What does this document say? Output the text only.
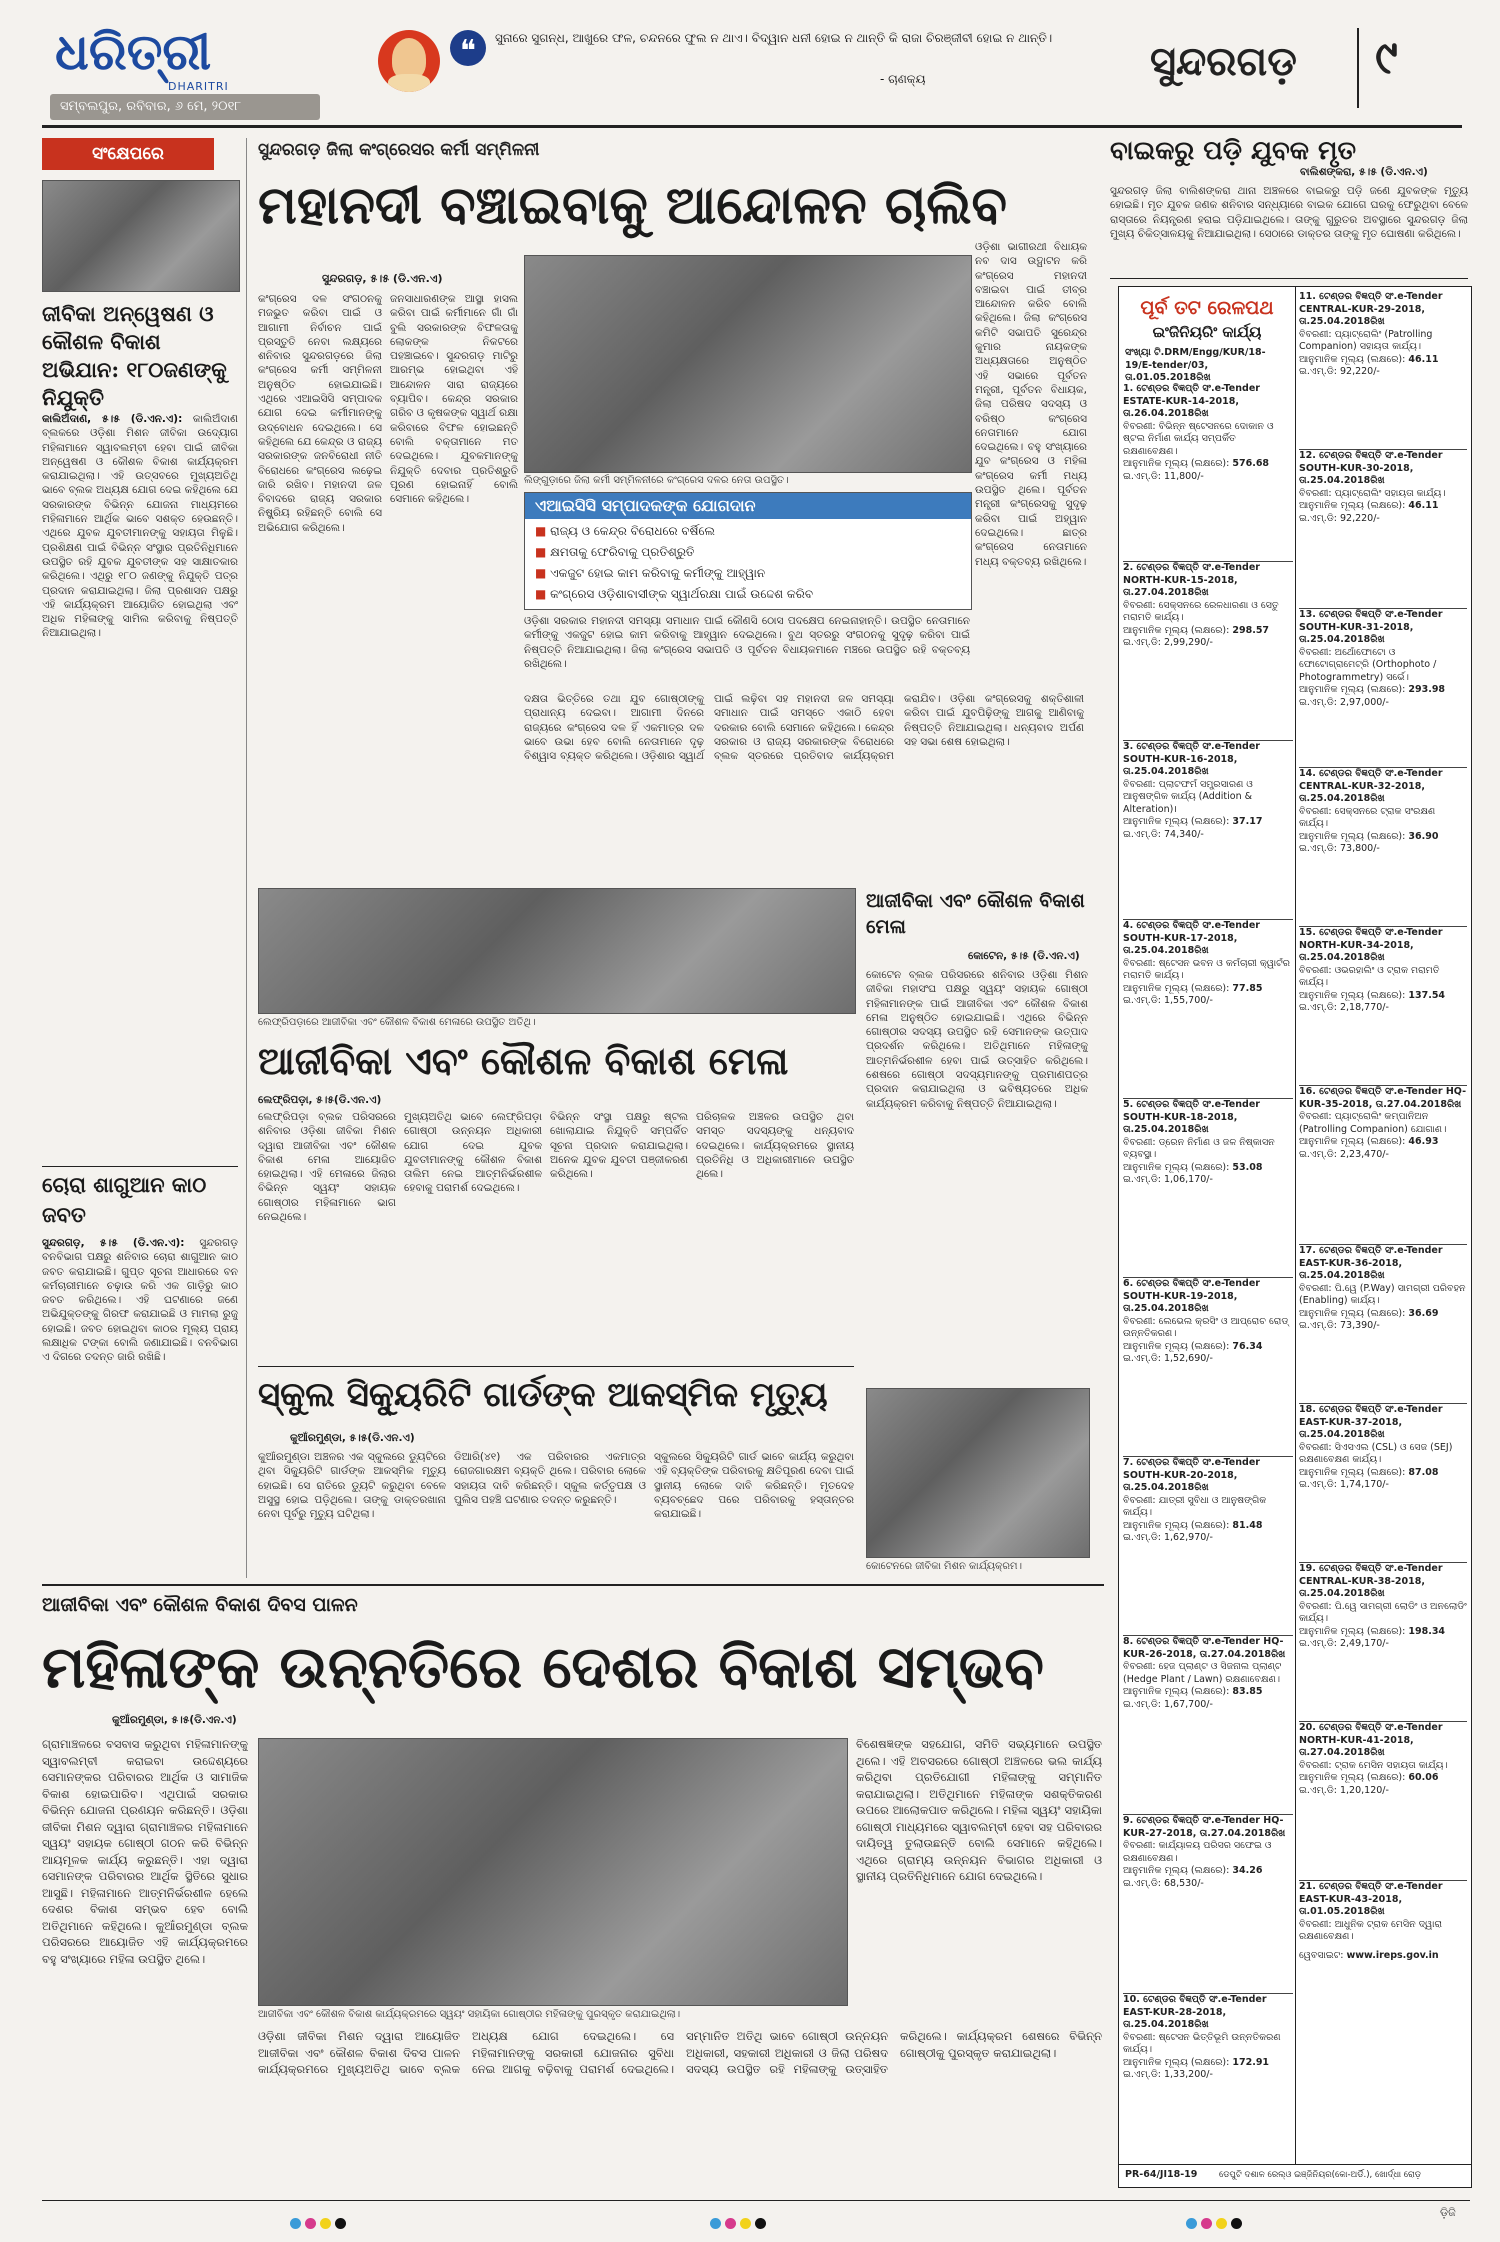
ଧରିତ୍ରୀ
DHARITRI
ସମ୍ବଲପୁର, ରବିବାର, ୬ ମେ, ୨୦୧୮
❝	ସୁନାରେ ସୁଗନ୍ଧ, ଆଖୁରେ ଫଳ, ଚନ୍ଦନରେ ଫୁଲ ନ ଥାଏ। ବିଦ୍ୱାନ ଧନୀ ହୋଇ ନ ଥାନ୍ତି କି ରାଜା ଚିରଞ୍ଜୀବୀ ହୋଇ ନ ଥାନ୍ତି।
- ଚାଣକ୍ୟ	ସୁନ୍ଦରଗଡ଼ ୯
ସଂକ୍ଷେପରେ
ଜୀବିକା ଅନ୍ୱେଷଣ ଓ କୌଶଳ ବିକାଶ ଅଭିଯାନ: ୧୮୦ଜଣଙ୍କୁ ନିଯୁକ୍ତି
କାଲିଅଁଦାଣ, ୫।୫ (ଡି.ଏନ.ଏ): କାଲିଅଁଦାଣ ବ୍ଲକରେ ଓଡ଼ିଶା ମିଶନ ଜୀବିକା ଉଦ୍ୟୋଗ ମହିଳାମାନେ ସ୍ୱାବଲମ୍ବୀ ହେବା ପାଇଁ ଜୀବିକା ଅନ୍ୱେଷଣ ଓ କୌଶଳ ବିକାଶ କାର୍ଯ୍ୟକ୍ରମ କରାଯାଇଥିଲା। ଏହି ଉତ୍ସବରେ ମୁଖ୍ୟଅତିଥି ଭାବେ ବ୍ଲକ ଅଧ୍ୟକ୍ଷ ଯୋଗ ଦେଇ କହିଥିଲେ ଯେ ସରକାରଙ୍କ ବିଭିନ୍ନ ଯୋଜନା ମାଧ୍ୟମରେ ମହିଳାମାନେ ଆର୍ଥିକ ଭାବେ ସଶକ୍ତ ହେଉଛନ୍ତି। ଏଥିରେ ଯୁବକ ଯୁବତୀମାନଙ୍କୁ ସହାୟତା ମିଳୁଛି। ପ୍ରଶିକ୍ଷଣ ପାଇଁ ବିଭିନ୍ନ ସଂସ୍ଥାର ପ୍ରତିନିଧିମାନେ ଉପସ୍ଥିତ ରହି ଯୁବକ ଯୁବତୀଙ୍କ ସହ ସାକ୍ଷାତକାର କରିଥିଲେ। ଏଥିରୁ ୧୮୦ ଜଣଙ୍କୁ ନିଯୁକ୍ତି ପତ୍ର ପ୍ରଦାନ କରାଯାଇଥିଲା। ଜିଲା ପ୍ରଶାସନ ପକ୍ଷରୁ ଏହି କାର୍ଯ୍ୟକ୍ରମ ଆୟୋଜିତ ହୋଇଥିଲା ଏବଂ ଅଧିକ ମହିଳାଙ୍କୁ ସାମିଲ କରିବାକୁ ନିଷ୍ପତ୍ତି ନିଆଯାଇଥିଲା।
ଚୋରା ଶାଗୁଆନ କାଠ ଜବତ
ସୁନ୍ଦରଗଡ଼, ୫।୫ (ଡି.ଏନ.ଏ): ସୁନ୍ଦରଗଡ଼ ବନବିଭାଗ ପକ୍ଷରୁ ଶନିବାର ଚୋରା ଶାଗୁଆନ କାଠ ଜବତ କରାଯାଇଛି। ଗୁପ୍ତ ସୂଚନା ଆଧାରରେ ବନ କର୍ମଚାରୀମାନେ ଚଢ଼ାଉ କରି ଏକ ଗାଡ଼ିରୁ କାଠ ଜବତ କରିଥିଲେ। ଏହି ଘଟଣାରେ ଜଣେ ଅଭିଯୁକ୍ତଙ୍କୁ ଗିରଫ କରାଯାଇଛି ଓ ମାମଲା ରୁଜୁ ହୋଇଛି। ଜବତ ହୋଇଥିବା କାଠର ମୂଲ୍ୟ ପ୍ରାୟ ଲକ୍ଷାଧିକ ଟଙ୍କା ବୋଲି ଜଣାଯାଇଛି। ବନବିଭାଗ ଏ ଦିଗରେ ତଦନ୍ତ ଜାରି ରଖିଛି।
ସୁନ୍ଦରଗଡ଼ ଜିଲା କଂଗ୍ରେସର କର୍ମୀ ସମ୍ମିଳନୀ
ମହାନଦୀ ବଞ୍ଚାଇବାକୁ ଆନ୍ଦୋଳନ ଚାଲିବ
ସୁନ୍ଦରଗଡ଼, ୫।୫ (ଡି.ଏନ.ଏ)
କଂଗ୍ରେସ ଦଳ ସଂଗଠନକୁ ମଜଭୁତ କରିବା ପାଇଁ ଓ ଆଗାମୀ ନିର୍ବାଚନ ପାଇଁ ପ୍ରସ୍ତୁତି ନେବା ଲକ୍ଷ୍ୟରେ ଶନିବାର ସୁନ୍ଦରଗଡ଼ରେ ଜିଲା କଂଗ୍ରେସ କର୍ମୀ ସମ୍ମିଳନୀ ଅନୁଷ୍ଠିତ ହୋଇଯାଇଛି। ଏଥିରେ ଏଆଇସିସି ସମ୍ପାଦକ ଯୋଗ ଦେଇ କର୍ମୀମାନଙ୍କୁ ଉଦ୍ବୋଧନ ଦେଇଥିଲେ। ସେ କହିଥିଲେ ଯେ କେନ୍ଦ୍ର ଓ ରାଜ୍ୟ ସରକାରଙ୍କ ଜନବିରୋଧୀ ନୀତି ବିରୋଧରେ କଂଗ୍ରେସ ଲଢ଼େଇ ଜାରି ରଖିବ। ମହାନଦୀ ଜଳ ବିବାଦରେ ରାଜ୍ୟ ସରକାର ନିଷ୍କ୍ରିୟ ରହିଛନ୍ତି ବୋଲି ସେ ଅଭିଯୋଗ କରିଥିଲେ।
ଜନସାଧାରଣଙ୍କ ଆସ୍ଥା ହାସଲ କରିବା ପାଇଁ କର୍ମୀମାନେ ଗାଁ ଗାଁ ବୁଲି ସରକାରଙ୍କ ବିଫଳତାକୁ ଲୋକଙ୍କ ନିକଟରେ ପହଞ୍ଚାଇବେ। ସୁନ୍ଦରଗଡ଼ ମାଟିରୁ ଆରମ୍ଭ ହୋଇଥିବା ଏହି ଆନ୍ଦୋଳନ ସାରା ରାଜ୍ୟରେ ବ୍ୟାପିବ। କେନ୍ଦ୍ର ସରକାର ଗରିବ ଓ କୃଷକଙ୍କ ସ୍ୱାର୍ଥ ରକ୍ଷା କରିବାରେ ବିଫଳ ହୋଇଛନ୍ତି ବୋଲି ବକ୍ତାମାନେ ମତ ଦେଇଥିଲେ। ଯୁବକମାନଙ୍କୁ ନିଯୁକ୍ତି ଦେବାର ପ୍ରତିଶ୍ରୁତି ପୂରଣ ହୋଇନାହିଁ ବୋଲି ସେମାନେ କହିଥିଲେ।
ଲିଙ୍ଗୁଡ଼ାରେ ଜିଲା କର୍ମୀ ସମ୍ମିଳନୀରେ କଂଗ୍ରେସ ଦଳର ନେତା ଉପସ୍ଥିତ।
ଏଆଇସିସି ସମ୍ପାଦକଙ୍କ ଯୋଗଦାନ
■ ରାଜ୍ୟ ଓ କେନ୍ଦ୍ର ବିରୋଧରେ ବର୍ଷିଲେ
■ କ୍ଷମତାକୁ ଫେରିବାକୁ ପ୍ରତିଶ୍ରୁତି
■ ଏକଜୁଟ ହୋଇ କାମ କରିବାକୁ କର୍ମୀଙ୍କୁ ଆହ୍ୱାନ
■ କଂଗ୍ରେସ ଓଡ଼ିଶାବାସୀଙ୍କ ସ୍ୱାର୍ଥରକ୍ଷା ପାଇଁ ଉଦ୍ଦେଶ କରିବ
ଓଡ଼ିଶା ଭାଗୀରଥୀ ବିଧାୟକ ନବ ଦାସ ଉଦ୍ଘାଟନ କରି କଂଗ୍ରେସ ମହାନଦୀ ବଞ୍ଚାଇବା ପାଇଁ ତୀବ୍ର ଆନ୍ଦୋଳନ କରିବ ବୋଲି କହିଥିଲେ। ଜିଲା କଂଗ୍ରେସ କମିଟି ସଭାପତି ସୁରେନ୍ଦ୍ର କୁମାର ନାୟକଙ୍କ ଅଧ୍ୟକ୍ଷତାରେ ଅନୁଷ୍ଠିତ ଏହି ସଭାରେ ପୂର୍ବତନ ମନ୍ତ୍ରୀ, ପୂର୍ବତନ ବିଧାୟକ, ଜିଲା ପରିଷଦ ସଦସ୍ୟ ଓ ବରିଷ୍ଠ କଂଗ୍ରେସ ନେତାମାନେ ଯୋଗ ଦେଇଥିଲେ। ବହୁ ସଂଖ୍ୟାରେ ଯୁବ କଂଗ୍ରେସ ଓ ମହିଳା କଂଗ୍ରେସ କର୍ମୀ ମଧ୍ୟ ଉପସ୍ଥିତ ଥିଲେ। ପୂର୍ବତନ ମନ୍ତ୍ରୀ କଂଗ୍ରେସକୁ ସୁଦୃଢ଼ କରିବା ପାଇଁ ଅହ୍ୱାନ ଦେଇଥିଲେ। ଛାତ୍ର କଂଗ୍ରେସ ନେତାମାନେ ମଧ୍ୟ ବକ୍ତବ୍ୟ ରଖିଥିଲେ।
ଓଡ଼ିଶା ସରକାର ମହାନଦୀ ସମସ୍ୟା ସମାଧାନ ପାଇଁ କୌଣସି ଠୋସ ପଦକ୍ଷେପ ନେଇନାହାନ୍ତି। ଉପସ୍ଥିତ ନେତାମାନେ କର୍ମୀଙ୍କୁ ଏକଜୁଟ ହୋଇ କାମ କରିବାକୁ ଆହ୍ୱାନ ଦେଇଥିଲେ। ବୁଥ ସ୍ତରରୁ ସଂଗଠନକୁ ସୁଦୃଢ଼ କରିବା ପାଇଁ ନିଷ୍ପତ୍ତି ନିଆଯାଇଥିଲା। ଜିଲା କଂଗ୍ରେସ ସଭାପତି ଓ ପୂର୍ବତନ ବିଧାୟକମାନେ ମଞ୍ଚରେ ଉପସ୍ଥିତ ରହି ବକ୍ତବ୍ୟ ରଖିଥିଲେ।
ଦକ୍ଷତା ଭିତ୍ତିରେ ତଥା ଯୁବ ଗୋଷ୍ଠୀଙ୍କୁ ପ୍ରାଧାନ୍ୟ ଦେଇବା। ଆଗାମୀ ଦିନରେ ରାଜ୍ୟରେ କଂଗ୍ରେସ ଦଳ ହିଁ ଏକମାତ୍ର ଦଳ ଭାବେ ଉଭା ହେବ ବୋଲି ନେତାମାନେ ଦୃଢ଼ ବିଶ୍ୱାସ ବ୍ୟକ୍ତ କରିଥିଲେ। ଓଡ଼ିଶାର ସ୍ୱାର୍ଥ ପାଇଁ ଲଢ଼ିବା ସହ ମହାନଦୀ ଜଳ ସମସ୍ୟା ସମାଧାନ ପାଇଁ ସମସ୍ତେ ଏକାଠି ହେବା ଦରକାର ବୋଲି ସେମାନେ କହିଥିଲେ। କେନ୍ଦ୍ର ସରକାର ଓ ରାଜ୍ୟ ସରକାରଙ୍କ ବିରୋଧରେ ବ୍ଲକ ସ୍ତରରେ ପ୍ରତିବାଦ କାର୍ଯ୍ୟକ୍ରମ କରାଯିବ। ଓଡ଼ିଶା କଂଗ୍ରେସକୁ ଶକ୍ତିଶାଳୀ କରିବା ପାଇଁ ଯୁବପିଢ଼ିଙ୍କୁ ଆଗକୁ ଆଣିବାକୁ ନିଷ୍ପତ୍ତି ନିଆଯାଇଥିଲା। ଧନ୍ୟବାଦ ଅର୍ପଣ ସହ ସଭା ଶେଷ ହୋଇଥିଲା।
ବାଇକରୁ ପଡ଼ି ଯୁବକ ମୃତ
ବାଲିଶଙ୍କରା, ୫।୫ (ଡି.ଏନ.ଏ)
ସୁନ୍ଦରଗଡ଼ ଜିଲା ବାଲିଶଙ୍କରା ଥାନା ଅଞ୍ଚଳରେ ବାଇକରୁ ପଡ଼ି ଜଣେ ଯୁବକଙ୍କ ମୃତ୍ୟୁ ହୋଇଛି। ମୃତ ଯୁବକ ଜଣକ ଶନିବାର ସନ୍ଧ୍ୟାରେ ବାଇକ ଯୋଗେ ଘରକୁ ଫେରୁଥିବା ବେଳେ ରାସ୍ତାରେ ନିୟନ୍ତ୍ରଣ ହରାଇ ପଡ଼ିଯାଇଥିଲେ। ତାଙ୍କୁ ଗୁରୁତର ଅବସ୍ଥାରେ ସୁନ୍ଦରଗଡ଼ ଜିଲା ମୁଖ୍ୟ ଚିକିତ୍ସାଳୟକୁ ନିଆଯାଇଥିଲା। ସେଠାରେ ଡାକ୍ତର ତାଙ୍କୁ ମୃତ ଘୋଷଣା କରିଥିଲେ।
ପୂର୍ବ ତଟ ରେଳପଥ
ଇଂଜିନିୟରିଂ କାର୍ଯ୍ୟ
ସଂଖ୍ୟା ଟି.DRM/Engg/KUR/18-19/E-tender/03, ତା.01.05.2018ରିଖ
1. ଟେଣ୍ଡର ବିଜ୍ଞପ୍ତି ସଂ.e-Tender ESTATE-KUR-14-2018, ତା.26.04.2018ରିଖ
ବିବରଣୀ: ବିଭିନ୍ନ ଷ୍ଟେସନରେ ଦୋକାନ ଓ ଷ୍ଟଲ ନିର୍ମାଣ କାର୍ଯ୍ୟ ସମ୍ପର୍କିତ ରକ୍ଷଣାବେକ୍ଷଣ।
ଆନୁମାନିକ ମୂଲ୍ୟ (ଲକ୍ଷରେ): 576.68
ଇ.ଏମ୍.ଡି: 11,800/-
2. ଟେଣ୍ଡର ବିଜ୍ଞପ୍ତି ସଂ.e-Tender NORTH-KUR-15-2018, ତା.27.04.2018ରିଖ
ବିବରଣୀ: ସେକ୍ସନରେ ରେଳଧାରଣା ଓ ସେତୁ ମରାମତି କାର୍ଯ୍ୟ।
ଆନୁମାନିକ ମୂଲ୍ୟ (ଲକ୍ଷରେ): 298.57
ଇ.ଏମ୍.ଡି: 2,99,290/-
3. ଟେଣ୍ଡର ବିଜ୍ଞପ୍ତି ସଂ.e-Tender SOUTH-KUR-16-2018, ତା.25.04.2018ରିଖ
ବିବରଣୀ: ପ୍ଲାଟଫର୍ମ ସମ୍ପ୍ରସାରଣ ଓ ଆନୁଷଙ୍ଗିକ କାର୍ଯ୍ୟ (Addition & Alteration)।
ଆନୁମାନିକ ମୂଲ୍ୟ (ଲକ୍ଷରେ): 37.17
ଇ.ଏମ୍.ଡି: 74,340/-
4. ଟେଣ୍ଡର ବିଜ୍ଞପ୍ତି ସଂ.e-Tender SOUTH-KUR-17-2018, ତା.25.04.2018ରିଖ
ବିବରଣୀ: ଷ୍ଟେସନ ଭବନ ଓ କର୍ମଚାରୀ କ୍ୱାର୍ଟର ମରାମତି କାର୍ଯ୍ୟ।
ଆନୁମାନିକ ମୂଲ୍ୟ (ଲକ୍ଷରେ): 77.85
ଇ.ଏମ୍.ଡି: 1,55,700/-
5. ଟେଣ୍ଡର ବିଜ୍ଞପ୍ତି ସଂ.e-Tender SOUTH-KUR-18-2018, ତା.25.04.2018ରିଖ
ବିବରଣୀ: ଡ୍ରେନ ନିର୍ମାଣ ଓ ଜଳ ନିଷ୍କାସନ ବ୍ୟବସ୍ଥା।
ଆନୁମାନିକ ମୂଲ୍ୟ (ଲକ୍ଷରେ): 53.08
ଇ.ଏମ୍.ଡି: 1,06,170/-
6. ଟେଣ୍ଡର ବିଜ୍ଞପ୍ତି ସଂ.e-Tender SOUTH-KUR-19-2018, ତା.25.04.2018ରିଖ
ବିବରଣୀ: ଲେଭେଲ କ୍ରସିଂ ଓ ଆପ୍ରୋଚ ରୋଡ୍ ଉନ୍ନତିକରଣ।
ଆନୁମାନିକ ମୂଲ୍ୟ (ଲକ୍ଷରେ): 76.34
ଇ.ଏମ୍.ଡି: 1,52,690/-
7. ଟେଣ୍ଡର ବିଜ୍ଞପ୍ତି ସଂ.e-Tender SOUTH-KUR-20-2018, ତା.25.04.2018ରିଖ
ବିବରଣୀ: ଯାତ୍ରୀ ସୁବିଧା ଓ ଆନୁଷଙ୍ଗିକ କାର୍ଯ୍ୟ।
ଆନୁମାନିକ ମୂଲ୍ୟ (ଲକ୍ଷରେ): 81.48
ଇ.ଏମ୍.ଡି: 1,62,970/-
8. ଟେଣ୍ଡର ବିଜ୍ଞପ୍ତି ସଂ.e-Tender HQ-KUR-26-2018, ତା.27.04.2018ରିଖ
ବିବରଣୀ: ହେଜ ପ୍ଲାଣ୍ଟ ଓ ସିଜନାଲ ପ୍ଲାଣ୍ଟ (Hedge Plant / Lawn) ରକ୍ଷଣାବେକ୍ଷଣ।
ଆନୁମାନିକ ମୂଲ୍ୟ (ଲକ୍ଷରେ): 83.85
ଇ.ଏମ୍.ଡି: 1,67,700/-
9. ଟେଣ୍ଡର ବିଜ୍ଞପ୍ତି ସଂ.e-Tender HQ-KUR-27-2018, ତା.27.04.2018ରିଖ
ବିବରଣୀ: କାର୍ଯ୍ୟାଳୟ ପରିସର ସଫେଇ ଓ ରକ୍ଷଣାବେକ୍ଷଣ।
ଆନୁମାନିକ ମୂଲ୍ୟ (ଲକ୍ଷରେ): 34.26
ଇ.ଏମ୍.ଡି: 68,530/-
10. ଟେଣ୍ଡର ବିଜ୍ଞପ୍ତି ସଂ.e-Tender EAST-KUR-28-2018, ତା.25.04.2018ରିଖ
ବିବରଣୀ: ଷ୍ଟେସନ ଭିତ୍ତିଭୂମି ଉନ୍ନତିକରଣ କାର୍ଯ୍ୟ।
ଆନୁମାନିକ ମୂଲ୍ୟ (ଲକ୍ଷରେ): 172.91
ଇ.ଏମ୍.ଡି: 1,33,200/-
11. ଟେଣ୍ଡର ବିଜ୍ଞପ୍ତି ସଂ.e-Tender CENTRAL-KUR-29-2018, ତା.25.04.2018ରିଖ
ବିବରଣୀ: ପ୍ୟାଟ୍ରୋଲିଂ (Patrolling Companion) ସହାୟତା କାର୍ଯ୍ୟ।
ଆନୁମାନିକ ମୂଲ୍ୟ (ଲକ୍ଷରେ): 46.11
ଇ.ଏମ୍.ଡି: 92,220/-
12. ଟେଣ୍ଡର ବିଜ୍ଞପ୍ତି ସଂ.e-Tender SOUTH-KUR-30-2018, ତା.25.04.2018ରିଖ
ବିବରଣୀ: ପ୍ୟାଟ୍ରୋଲିଂ ସହାୟତା କାର୍ଯ୍ୟ।
ଆନୁମାନିକ ମୂଲ୍ୟ (ଲକ୍ଷରେ): 46.11
ଇ.ଏମ୍.ଡି: 92,220/-
13. ଟେଣ୍ଡର ବିଜ୍ଞପ୍ତି ସଂ.e-Tender SOUTH-KUR-31-2018, ତା.25.04.2018ରିଖ
ବିବରଣୀ: ଅର୍ଥୋଫୋଟୋ ଓ ଫୋଟୋଗ୍ରାମେଟ୍ରି (Orthophoto / Photogrammetry) ସର୍ଭେ।
ଆନୁମାନିକ ମୂଲ୍ୟ (ଲକ୍ଷରେ): 293.98
ଇ.ଏମ୍.ଡି: 2,97,000/-
14. ଟେଣ୍ଡର ବିଜ୍ଞପ୍ତି ସଂ.e-Tender CENTRAL-KUR-32-2018, ତା.25.04.2018ରିଖ
ବିବରଣୀ: ସେକ୍ସନରେ ଟ୍ରାକ ସଂରକ୍ଷଣ କାର୍ଯ୍ୟ।
ଆନୁମାନିକ ମୂଲ୍ୟ (ଲକ୍ଷରେ): 36.90
ଇ.ଏମ୍.ଡି: 73,800/-
15. ଟେଣ୍ଡର ବିଜ୍ଞପ୍ତି ସଂ.e-Tender NORTH-KUR-34-2018, ତା.25.04.2018ରିଖ
ବିବରଣୀ: ଓଭରହାଲିଂ ଓ ଟ୍ରାକ ମରାମତି କାର୍ଯ୍ୟ।
ଆନୁମାନିକ ମୂଲ୍ୟ (ଲକ୍ଷରେ): 137.54
ଇ.ଏମ୍.ଡି: 2,18,770/-
16. ଟେଣ୍ଡର ବିଜ୍ଞପ୍ତି ସଂ.e-Tender HQ-KUR-35-2018, ତା.27.04.2018ରିଖ
ବିବରଣୀ: ପ୍ୟାଟ୍ରୋଲିଂ କମ୍ପାନିଅନ (Patrolling Companion) ଯୋଗାଣ।
ଆନୁମାନିକ ମୂଲ୍ୟ (ଲକ୍ଷରେ): 46.93
ଇ.ଏମ୍.ଡି: 2,23,470/-
17. ଟେଣ୍ଡର ବିଜ୍ଞପ୍ତି ସଂ.e-Tender EAST-KUR-36-2018, ତା.25.04.2018ରିଖ
ବିବରଣୀ: ପି.ୱେ (P.Way) ସାମଗ୍ରୀ ପରିବହନ (Enabling) କାର୍ଯ୍ୟ।
ଆନୁମାନିକ ମୂଲ୍ୟ (ଲକ୍ଷରେ): 36.69
ଇ.ଏମ୍.ଡି: 73,390/-
18. ଟେଣ୍ଡର ବିଜ୍ଞପ୍ତି ସଂ.e-Tender EAST-KUR-37-2018, ତା.25.04.2018ରିଖ
ବିବରଣୀ: ସିଏସଏଲ (CSL) ଓ ସେଜ (SEJ) ରକ୍ଷଣାବେକ୍ଷଣ କାର୍ଯ୍ୟ।
ଆନୁମାନିକ ମୂଲ୍ୟ (ଲକ୍ଷରେ): 87.08
ଇ.ଏମ୍.ଡି: 1,74,170/-
19. ଟେଣ୍ଡର ବିଜ୍ଞପ୍ତି ସଂ.e-Tender CENTRAL-KUR-38-2018, ତା.25.04.2018ରିଖ
ବିବରଣୀ: ପି.ୱେ ସାମଗ୍ରୀ ଲୋଡିଂ ଓ ଅନଲୋଡିଂ କାର୍ଯ୍ୟ।
ଆନୁମାନିକ ମୂଲ୍ୟ (ଲକ୍ଷରେ): 198.34
ଇ.ଏମ୍.ଡି: 2,49,170/-
20. ଟେଣ୍ଡର ବିଜ୍ଞପ୍ତି ସଂ.e-Tender NORTH-KUR-41-2018, ତା.27.04.2018ରିଖ
ବିବରଣୀ: ଟ୍ରାକ ମେସିନ ସହାୟତା କାର୍ଯ୍ୟ।
ଆନୁମାନିକ ମୂଲ୍ୟ (ଲକ୍ଷରେ): 60.06
ଇ.ଏମ୍.ଡି: 1,20,120/-
21. ଟେଣ୍ଡର ବିଜ୍ଞପ୍ତି ସଂ.e-Tender EAST-KUR-43-2018, ତା.01.05.2018ରିଖ
ବିବରଣୀ: ଆଧୁନିକ ଟ୍ରାକ ମେସିନ ଦ୍ୱାରା ରକ୍ଷଣାବେକ୍ଷଣ।
ୱେବସାଇଟ: www.ireps.gov.in
PR-64/JI18-19	ଡେପୁଟି ଦଶାଳ ରେଲ୍ଓ ଇଞ୍ଜିନିୟର(କୋ-ଅର୍ଡି.), ଖୋର୍ଦ୍ଧା ରୋଡ଼
ଲେଫ୍ରିପଡ଼ାରେ ଆଜୀବିକା ଏବଂ କୌଶଳ ବିକାଶ ମେଳାରେ ଉପସ୍ଥିତ ଅତିଥି।
ଆଜୀବିକା ଏବଂ କୌଶଳ ବିକାଶ ମେଳା
ଲେଫ୍ରିପଡ଼ା, ୫।୫(ଡି.ଏନ.ଏ)
ଲେଫ୍ରିପଡ଼ା ବ୍ଲକ ପରିସରରେ ଶନିବାର ଓଡ଼ିଶା ଜୀବିକା ମିଶନ ଦ୍ୱାରା ଆଜୀବିକା ଏବଂ କୌଶଳ ବିକାଶ ମେଳା ଆୟୋଜିତ ହୋଇଥିଲା। ଏହି ମେଳାରେ ଜିଲାର ବିଭିନ୍ନ ସ୍ୱୟଂ ସହାୟକ ଗୋଷ୍ଠୀର ମହିଳାମାନେ ଭାଗ ନେଇଥିଲେ।
ମୁଖ୍ୟଅତିଥି ଭାବେ ଲେଫ୍ରିପଡ଼ା ଗୋଷ୍ଠୀ ଉନ୍ନୟନ ଅଧିକାରୀ ଯୋଗ ଦେଇ ଯୁବକ ଯୁବତୀମାନଙ୍କୁ କୌଶଳ ବିକାଶ ତାଲିମ ନେଇ ଆତ୍ମନିର୍ଭରଶୀଳ ହେବାକୁ ପରାମର୍ଶ ଦେଇଥିଲେ।
ବିଭିନ୍ନ ସଂସ୍ଥା ପକ୍ଷରୁ ଷ୍ଟଲ ଖୋଲାଯାଇ ନିଯୁକ୍ତି ସମ୍ପର୍କିତ ସୂଚନା ପ୍ରଦାନ କରାଯାଇଥିଲା। ଅନେକ ଯୁବକ ଯୁବତୀ ପଞ୍ଜୀକରଣ କରିଥିଲେ।
ପରିଚାଳକ ଅଞ୍ଚଳର ଉପସ୍ଥିତ ଥିବା ସମସ୍ତ ସଦସ୍ୟଙ୍କୁ ଧନ୍ୟବାଦ ଦେଇଥିଲେ। କାର୍ଯ୍ୟକ୍ରମରେ ସ୍ଥାନୀୟ ପ୍ରତିନିଧି ଓ ଅଧିକାରୀମାନେ ଉପସ୍ଥିତ ଥିଲେ।
ଆଜୀବିକା ଏବଂ କୌଶଳ ବିକାଶ ମେଳା
କୋଟେନ, ୫।୫ (ଡି.ଏନ.ଏ)
କୋଟେନ ବ୍ଲକ ପରିସରରେ ଶନିବାର ଓଡ଼ିଶା ମିଶନ ଜୀବିକା ମହାସଂଘ ପକ୍ଷରୁ ସ୍ୱୟଂ ସହାୟକ ଗୋଷ୍ଠୀ ମହିଳାମାନଙ୍କ ପାଇଁ ଆଜୀବିକା ଏବଂ କୌଶଳ ବିକାଶ ମେଳା ଅନୁଷ୍ଠିତ ହୋଇଯାଇଛି। ଏଥିରେ ବିଭିନ୍ନ ଗୋଷ୍ଠୀର ସଦସ୍ୟ ଉପସ୍ଥିତ ରହି ସେମାନଙ୍କ ଉତ୍ପାଦ ପ୍ରଦର୍ଶନ କରିଥିଲେ। ଅତିଥିମାନେ ମହିଳାଙ୍କୁ ଆତ୍ମନିର୍ଭରଶୀଳ ହେବା ପାଇଁ ଉତ୍ସାହିତ କରିଥିଲେ। ଶେଷରେ ଗୋଷ୍ଠୀ ସଦସ୍ୟମାନଙ୍କୁ ପ୍ରମାଣପତ୍ର ପ୍ରଦାନ କରାଯାଇଥିଲା ଓ ଭବିଷ୍ୟତରେ ଅଧିକ କାର୍ଯ୍ୟକ୍ରମ କରିବାକୁ ନିଷ୍ପତ୍ତି ନିଆଯାଇଥିଲା।
ସ୍କୁଲ ସିକ୍ୟୁରିଟି ଗାର୍ଡଙ୍କ ଆକସ୍ମିକ ମୃତ୍ୟୁ
କୁଆଁରମୁଣ୍ଡା, ୫।୫(ଡି.ଏନ.ଏ)
କୁଆଁରମୁଣ୍ଡା ଅଞ୍ଚଳର ଏକ ସ୍କୁଲରେ ଡ୍ୟୁଟିରେ ଥିବା ସିକ୍ୟୁରିଟି ଗାର୍ଡଙ୍କ ଆକସ୍ମିକ ମୃତ୍ୟୁ ହୋଇଛି। ସେ ରାତିରେ ଡ୍ୟୁଟି କରୁଥିବା ବେଳେ ଅସୁସ୍ଥ ହୋଇ ପଡ଼ିଥିଲେ। ତାଙ୍କୁ ଡାକ୍ତରଖାନା ନେବା ପୂର୍ବରୁ ମୃତ୍ୟୁ ଘଟିଥିଲା।
ଡିଆରି(୪୧) ଏକ ପରିବାରର ଏକମାତ୍ର ରୋଜଗାରକ୍ଷମ ବ୍ୟକ୍ତି ଥିଲେ। ପରିବାର ଲୋକେ ସହାୟତା ଦାବି କରିଛନ୍ତି। ସ୍କୁଲ କର୍ତ୍ତୃପକ୍ଷ ଓ ପୁଲିସ ପହଞ୍ଚି ଘଟଣାର ତଦନ୍ତ କରୁଛନ୍ତି।
ସ୍କୁଲରେ ସିକ୍ୟୁରିଟି ଗାର୍ଡ ଭାବେ କାର୍ଯ୍ୟ କରୁଥିବା ଏହି ବ୍ୟକ୍ତିଙ୍କ ପରିବାରକୁ କ୍ଷତିପୂରଣ ଦେବା ପାଇଁ ସ୍ଥାନୀୟ ଲୋକେ ଦାବି କରିଛନ୍ତି। ମୃତଦେହ ବ୍ୟବଚ୍ଛେଦ ପରେ ପରିବାରକୁ ହସ୍ତାନ୍ତର କରାଯାଇଛି।
କୋଟେନରେ ଜୀବିକା ମିଶନ କାର୍ଯ୍ୟକ୍ରମ।
ଆଜୀବିକା ଏବଂ କୌଶଳ ବିକାଶ ଦିବସ ପାଳନ
ମହିଳାଙ୍କ ଉନ୍ନତିରେ ଦେଶର ବିକାଶ ସମ୍ଭବ
କୁଆଁରମୁଣ୍ଡା, ୫।୫(ଡି.ଏନ.ଏ)
ଗ୍ରାମାଞ୍ଚଳରେ ବସବାସ କରୁଥିବା ମହିଳାମାନଙ୍କୁ ସ୍ୱାବଲମ୍ବୀ କରାଇବା ଉଦ୍ଦେଶ୍ୟରେ ସେମାନଙ୍କର ପରିବାରର ଆର୍ଥିକ ଓ ସାମାଜିକ ବିକାଶ ହୋଇପାରିବ। ଏଥିପାଇଁ ସରକାର ବିଭିନ୍ନ ଯୋଜନା ପ୍ରଣୟନ କରିଛନ୍ତି। ଓଡ଼ିଶା ଜୀବିକା ମିଶନ ଦ୍ୱାରା ଗ୍ରାମାଞ୍ଚଳର ମହିଳାମାନେ ସ୍ୱୟଂ ସହାୟକ ଗୋଷ୍ଠୀ ଗଠନ କରି ବିଭିନ୍ନ ଆୟମୂଳକ କାର୍ଯ୍ୟ କରୁଛନ୍ତି। ଏହା ଦ୍ୱାରା ସେମାନଙ୍କ ପରିବାରର ଆର୍ଥିକ ସ୍ଥିତିରେ ସୁଧାର ଆସୁଛି। ମହିଳାମାନେ ଆତ୍ମନିର୍ଭରଶୀଳ ହେଲେ ଦେଶର ବିକାଶ ସମ୍ଭବ ହେବ ବୋଲି ଅତିଥିମାନେ କହିଥିଲେ। କୁଆଁରମୁଣ୍ଡା ବ୍ଲକ ପରିସରରେ ଆୟୋଜିତ ଏହି କାର୍ଯ୍ୟକ୍ରମରେ ବହୁ ସଂଖ୍ୟାରେ ମହିଳା ଉପସ୍ଥିତ ଥିଲେ।
ଆଜୀବିକା ଏବଂ କୌଶଳ ବିକାଶ କାର୍ଯ୍ୟକ୍ରମରେ ସ୍ୱୟଂ ସହାୟିକା ଗୋଷ୍ଠୀର ମହିଳାଙ୍କୁ ପୁରସ୍କୃତ କରାଯାଇଥିଲା।
ବିଶେଷଜ୍ଞଙ୍କ ସହଯୋଗ, ସମିତି ସଭ୍ୟମାନେ ଉପସ୍ଥିତ ଥିଲେ। ଏହି ଅବସରରେ ଗୋଷ୍ଠୀ ଅଞ୍ଚଳରେ ଭଲ କାର୍ଯ୍ୟ କରିଥିବା ପ୍ରତିଯୋଗୀ ମହିଳାଙ୍କୁ ସମ୍ମାନିତ କରାଯାଇଥିଲା। ଅତିଥିମାନେ ମହିଳାଙ୍କ ସଶକ୍ତିକରଣ ଉପରେ ଆଲୋକପାତ କରିଥିଲେ। ମହିଳା ସ୍ୱୟଂ ସହାୟିକା ଗୋଷ୍ଠୀ ମାଧ୍ୟମରେ ସ୍ୱାବଲମ୍ବୀ ହେବା ସହ ପରିବାରର ଦାୟିତ୍ୱ ତୁଲାଉଛନ୍ତି ବୋଲି ସେମାନେ କହିଥିଲେ। ଏଥିରେ ଗ୍ରାମ୍ୟ ଉନ୍ନୟନ ବିଭାଗର ଅଧିକାରୀ ଓ ସ୍ଥାନୀୟ ପ୍ରତିନିଧିମାନେ ଯୋଗ ଦେଇଥିଲେ।
ଓଡ଼ିଶା ଜୀବିକା ମିଶନ ଦ୍ୱାରା ଆୟୋଜିତ ଆଜୀବିକା ଏବଂ କୌଶଳ ବିକାଶ ଦିବସ ପାଳନ କାର୍ଯ୍ୟକ୍ରମରେ ମୁଖ୍ୟଅତିଥି ଭାବେ ବ୍ଲକ ଅଧ୍ୟକ୍ଷ ଯୋଗ ଦେଇଥିଲେ। ସେ ମହିଳାମାନଙ୍କୁ ସରକାରୀ ଯୋଜନାର ସୁବିଧା ନେଇ ଆଗକୁ ବଢ଼ିବାକୁ ପରାମର୍ଶ ଦେଇଥିଲେ। ସମ୍ମାନିତ ଅତିଥି ଭାବେ ଗୋଷ୍ଠୀ ଉନ୍ନୟନ ଅଧିକାରୀ, ସହକାରୀ ଅଧିକାରୀ ଓ ଜିଲା ପରିଷଦ ସଦସ୍ୟ ଉପସ୍ଥିତ ରହି ମହିଳାଙ୍କୁ ଉତ୍ସାହିତ କରିଥିଲେ। କାର୍ଯ୍ୟକ୍ରମ ଶେଷରେ ବିଭିନ୍ନ ଗୋଷ୍ଠୀକୁ ପୁରସ୍କୃତ କରାଯାଇଥିଲା।
ଡ଼ିଜି
